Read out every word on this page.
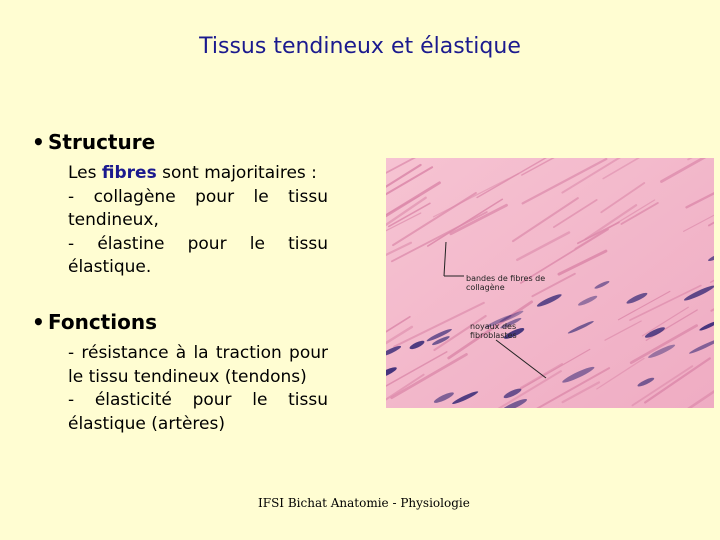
Tissus tendineux et élastique
• Structure

Les fibres sont majoritaires :

- collagène pour le tissu tendineux,

- élastine pour le tissu élastique.

• Fonctions

- résistance à la traction pour le tissu tendineux (tendons)

- élasticité pour le tissu élastique (artères)

bandes de fibres de
collagène
noyaux des
fibroblastes
IFSI Bichat Anatomie - Physiologie
